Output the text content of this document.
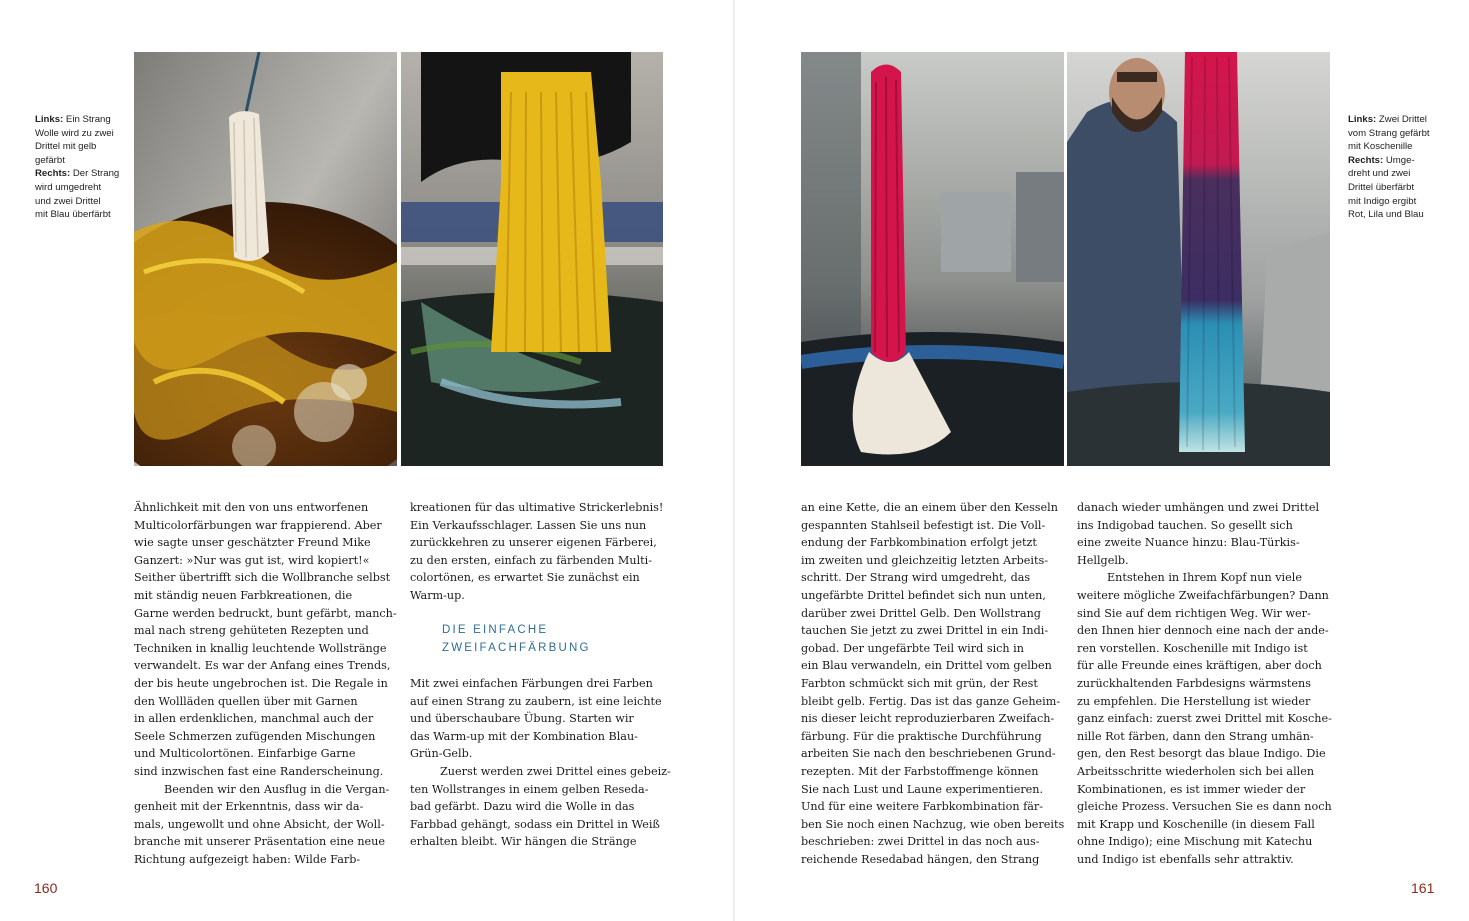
Links: Ein Strang
Wolle wird zu zwei
Drittel mit gelb
gefärbt
Rechts: Der Strang
wird umgedreht
und zwei Drittel
mit Blau überfärbt
Ähnlichkeit mit den von uns entworfenen
Multicolorfärbungen war frappierend. Aber
wie sagte unser geschätzter Freund Mike
Ganzert: »Nur was gut ist, wird kopiert!«
Seither übertrifft sich die Wollbranche selbst
mit ständig neuen Farbkreationen, die
Garne werden bedruckt, bunt gefärbt, manch-
mal nach streng gehüteten Rezepten und
Techniken in knallig leuchtende Wollstränge
verwandelt. Es war der Anfang eines Trends,
der bis heute ungebrochen ist. Die Regale in
den Wollläden quellen über mit Garnen
in allen erdenklichen, manchmal auch der
Seele Schmerzen zufügenden Mischungen
und Multicolortönen. Einfarbige Garne
sind inzwischen fast eine Randerscheinung.
Beenden wir den Ausflug in die Vergan-
genheit mit der Erkenntnis, dass wir da-
mals, ungewollt und ohne Absicht, der Woll-
branche mit unserer Präsentation eine neue
Richtung aufgezeigt haben: Wilde Farb-
kreationen für das ultimative Strickerlebnis!
Ein Verkaufsschlager. Lassen Sie uns nun
zurückkehren zu unserer eigenen Färberei,
zu den ersten, einfach zu färbenden Multi-
colortönen, es erwartet Sie zunächst ein
Warm-up.
DIE EINFACHE
ZWEIFACHFÄRBUNG
Mit zwei einfachen Färbungen drei Farben
auf einen Strang zu zaubern, ist eine leichte
und überschaubare Übung. Starten wir
das Warm-up mit der Kombination Blau-
Grün-Gelb.
Zuerst werden zwei Drittel eines gebeiz-
ten Wollstranges in einem gelben Reseda-
bad gefärbt. Dazu wird die Wolle in das
Farbbad gehängt, sodass ein Drittel in Weiß
erhalten bleibt. Wir hängen die Stränge
160
Links: Zwei Drittel
vom Strang gefärbt
mit Koschenille
Rechts: Umge-
dreht und zwei
Drittel überfärbt
mit Indigo ergibt
Rot, Lila und Blau
an eine Kette, die an einem über den Kesseln
gespannten Stahlseil befestigt ist. Die Voll-
endung der Farbkombination erfolgt jetzt
im zweiten und gleichzeitig letzten Arbeits-
schritt. Der Strang wird umgedreht, das
ungefärbte Drittel befindet sich nun unten,
darüber zwei Drittel Gelb. Den Wollstrang
tauchen Sie jetzt zu zwei Drittel in ein Indi-
gobad. Der ungefärbte Teil wird sich in
ein Blau verwandeln, ein Drittel vom gelben
Farbton schmückt sich mit grün, der Rest
bleibt gelb. Fertig. Das ist das ganze Geheim-
nis dieser leicht reproduzierbaren Zweifach-
färbung. Für die praktische Durchführung
arbeiten Sie nach den beschriebenen Grund-
rezepten. Mit der Farbstoffmenge können
Sie nach Lust und Laune experimentieren.
Und für eine weitere Farbkombination fär-
ben Sie noch einen Nachzug, wie oben bereits
beschrieben: zwei Drittel in das noch aus-
reichende Resedabad hängen, den Strang
danach wieder umhängen und zwei Drittel
ins Indigobad tauchen. So gesellt sich
eine zweite Nuance hinzu: Blau-Türkis-
Hellgelb.
Entstehen in Ihrem Kopf nun viele
weitere mögliche Zweifachfärbungen? Dann
sind Sie auf dem richtigen Weg. Wir wer-
den Ihnen hier dennoch eine nach der ande-
ren vorstellen. Koschenille mit Indigo ist
für alle Freunde eines kräftigen, aber doch
zurückhaltenden Farbdesigns wärmstens
zu empfehlen. Die Herstellung ist wieder
ganz einfach: zuerst zwei Drittel mit Kosche-
nille Rot färben, dann den Strang umhän-
gen, den Rest besorgt das blaue Indigo. Die
Arbeitsschritte wiederholen sich bei allen
Kombinationen, es ist immer wieder der
gleiche Prozess. Versuchen Sie es dann noch
mit Krapp und Koschenille (in diesem Fall
ohne Indigo); eine Mischung mit Katechu
und Indigo ist ebenfalls sehr attraktiv.
161
